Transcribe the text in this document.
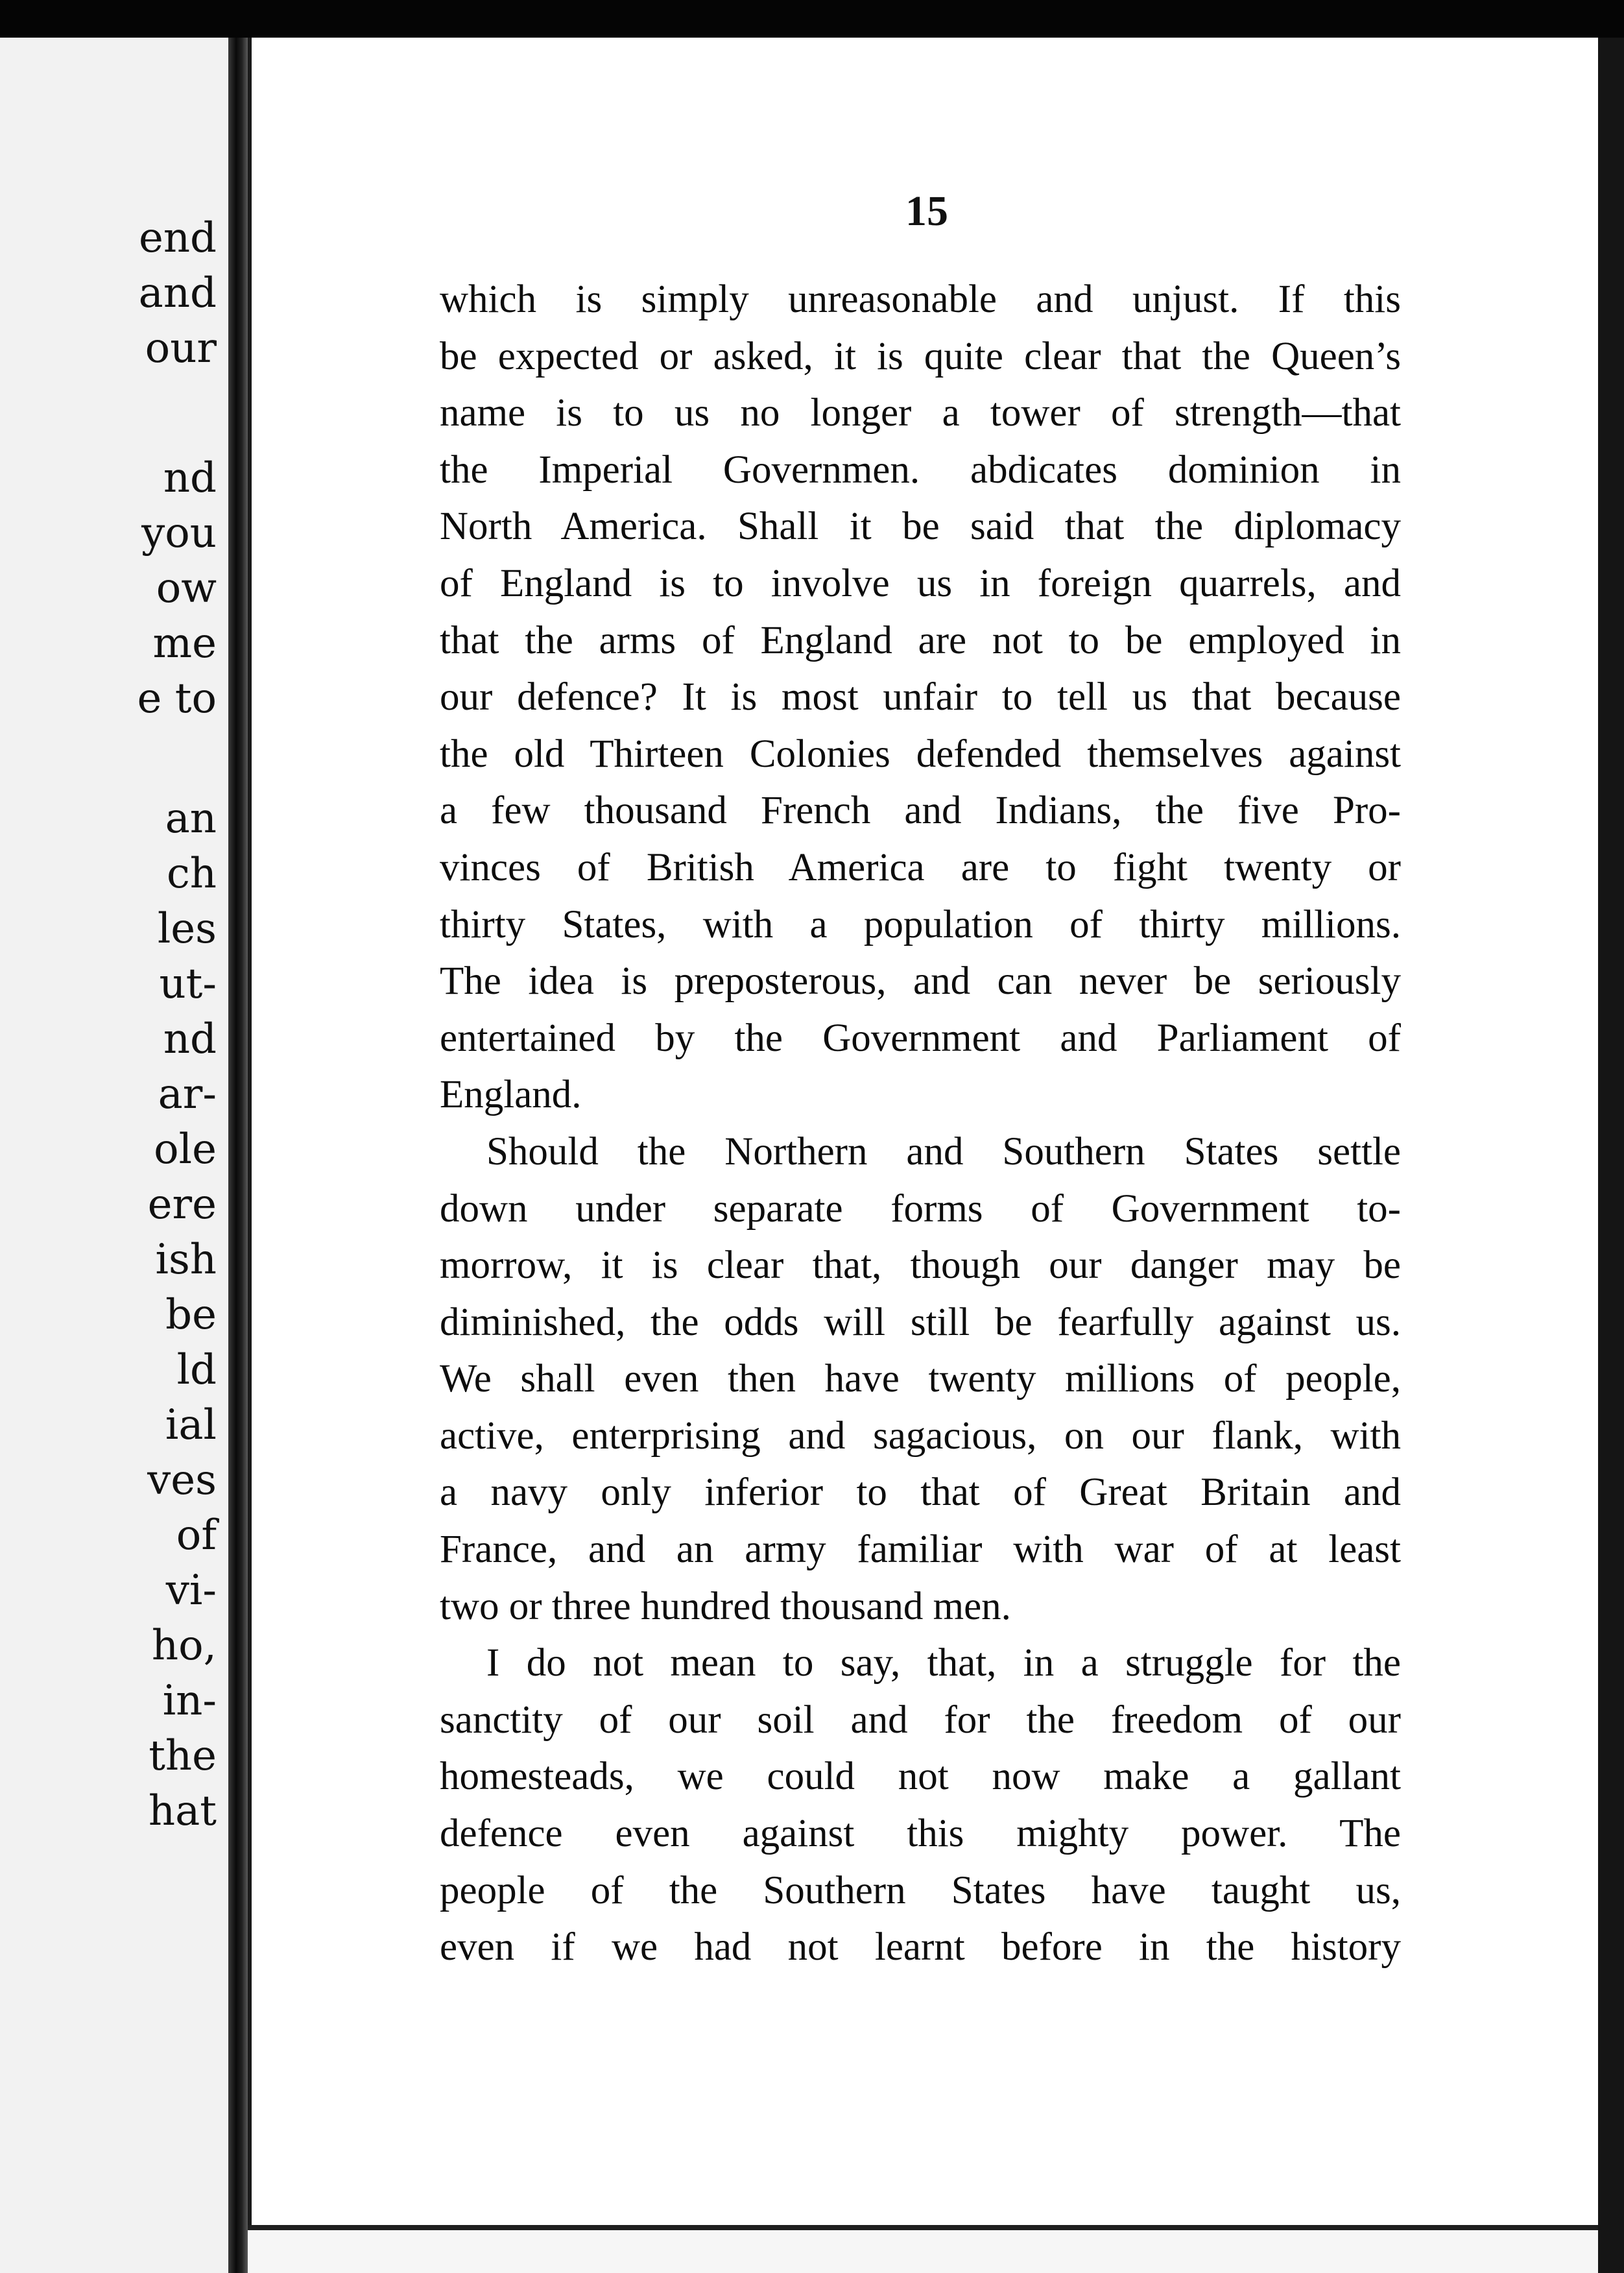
end
and
our
nd
you
ow
me
e to
an
ch
les
ut-
nd
ar-
ole
ere
ish
be
ld
ial
ves
of
vi-
ho,
in-
the
hat
15
which is simply unreasonable and unjust. If this
be expected or asked, it is quite clear that the Queen’s
name is to us no longer a tower of strength—that
the Imperial Governmen. abdicates dominion in
North America. Shall it be said that the diplomacy
of England is to involve us in foreign quarrels, and
that the arms of England are not to be employed in
our defence? It is most unfair to tell us that because
the old Thirteen Colonies defended themselves against
a few thousand French and Indians, the five Pro-
vinces of British America are to fight twenty or
thirty States, with a population of thirty millions.
The idea is preposterous, and can never be seriously
entertained by the Government and Parliament of
England.
Should the Northern and Southern States settle
down under separate forms of Government to-
morrow, it is clear that, though our danger may be
diminished, the odds will still be fearfully against us.
We shall even then have twenty millions of people,
active, enterprising and sagacious, on our flank, with
a navy only inferior to that of Great Britain and
France, and an army familiar with war of at least
two or three hundred thousand men.
I do not mean to say, that, in a struggle for the
sanctity of our soil and for the freedom of our
homesteads, we could not now make a gallant
defence even against this mighty power. The
people of the Southern States have taught us,
even if we had not learnt before in the history
